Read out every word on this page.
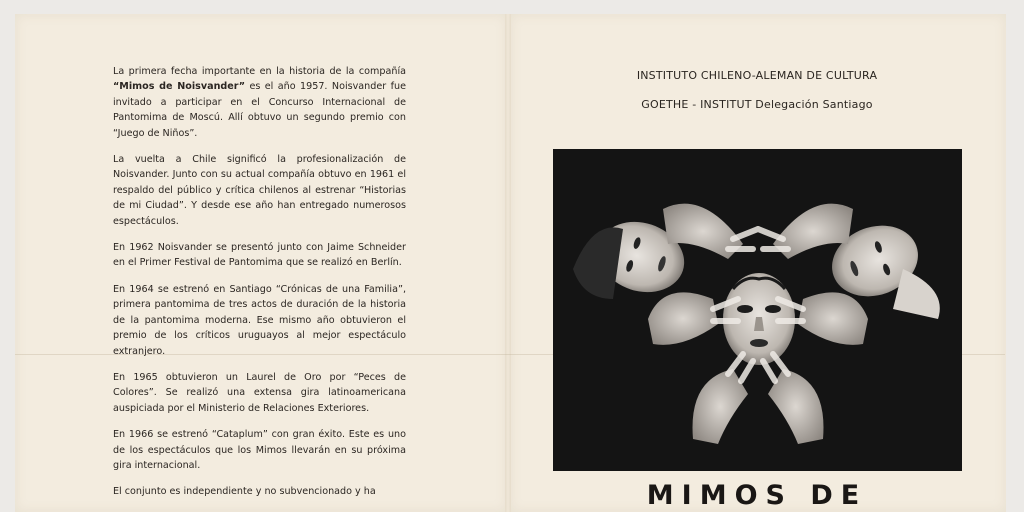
La primera fecha importante en la historia de la compañía “Mimos de Noisvander” es el año 1957. Noisvander fue invitado a participar en el Concurso Internacional de Pantomima de Moscú. Allí obtuvo un segundo premio con “Juego de Niños”.

La vuelta a Chile significó la profesionalización de Noisvander. Junto con su actual compañía obtuvo en 1961 el respaldo del público y crítica chilenos al estrenar “Historias de mi Ciudad”. Y desde ese año han entregado numerosos espectáculos.

En 1962 Noisvander se presentó junto con Jaime Schneider en el Primer Festival de Pantomima que se realizó en Berlín.

En 1964 se estrenó en Santiago “Crónicas de una Familia”, primera pantomima de tres actos de duración de la historia de la pantomima moderna. Ese mismo año obtuvieron el premio de los críticos uruguayos al mejor espectáculo extranjero.

En 1965 obtuvieron un Laurel de Oro por “Peces de Colores”. Se realizó una extensa gira latinoamericana auspiciada por el Ministerio de Relaciones Exteriores.

En 1966 se estrenó “Cataplum” con gran éxito. Este es uno de los espectáculos que los Mimos llevarán en su próxima gira internacional.

El conjunto es independiente y no subvencionado y ha

INSTITUTO CHILENO-ALEMAN DE CULTURA
GOETHE - INSTITUT Delegación Santiago
MIMOS DE
